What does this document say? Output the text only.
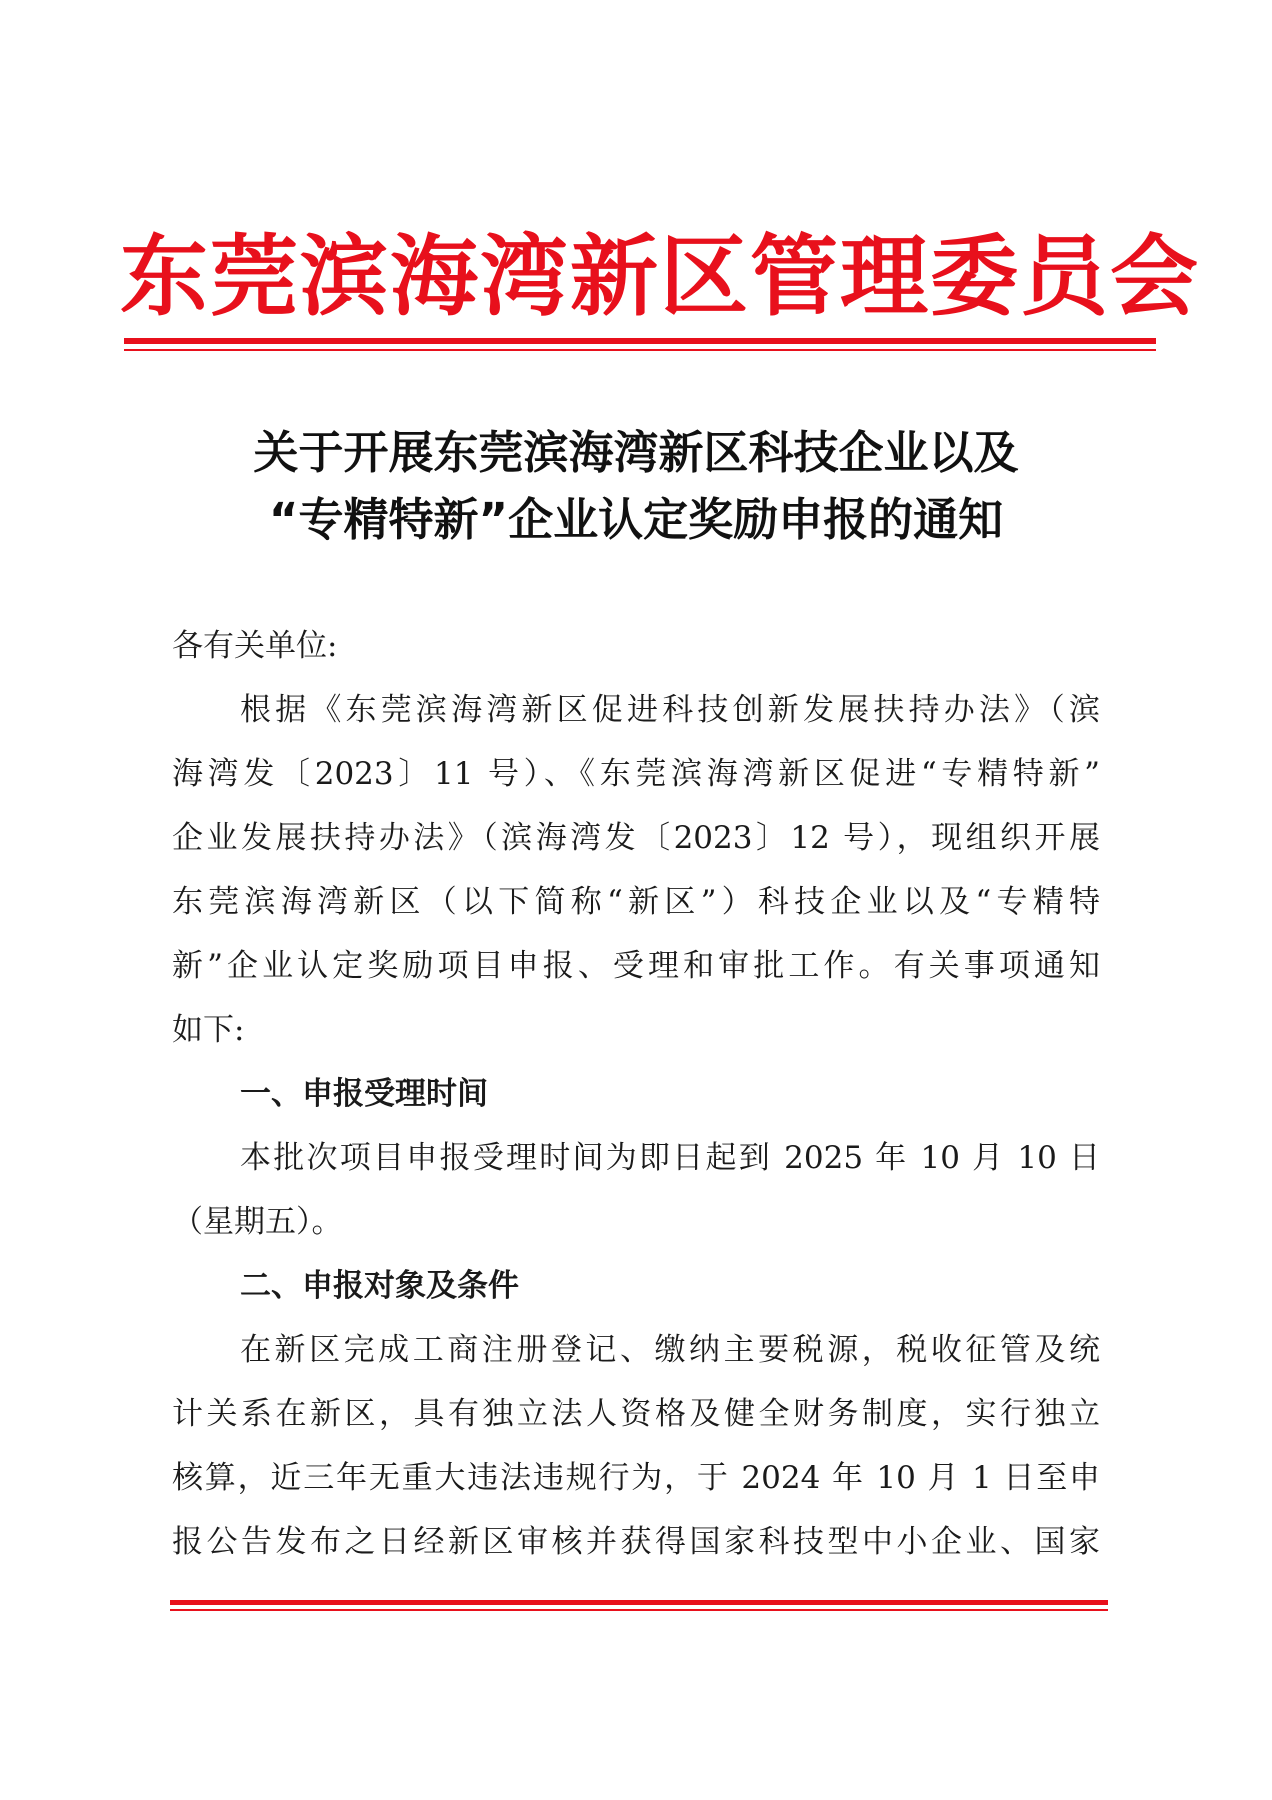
东莞滨海湾新区管理委员会
关于开展东莞滨海湾新区科技企业以及
“专精特新”企业认定奖励申报的通知
各有关单位:
根据《东莞滨海湾新区促进科技创新发展扶持办法》（滨
海湾发〔2023〕11 号）、《东莞滨海湾新区促进“专精特新”
企业发展扶持办法》（滨海湾发〔2023〕12 号），现组织开展
东莞滨海湾新区（以下简称“新区”）科技企业以及“专精特
新”企业认定奖励项目申报、受理和审批工作。有关事项通知
如下:
一、申报受理时间
本批次项目申报受理时间为即日起到 2025 年 10 月 10 日
（星期五）。
二、申报对象及条件
在新区完成工商注册登记、缴纳主要税源，税收征管及统
计关系在新区，具有独立法人资格及健全财务制度，实行独立
核算，近三年无重大违法违规行为，于 2024 年 10 月 1 日至申
报公告发布之日经新区审核并获得国家科技型中小企业、国家
